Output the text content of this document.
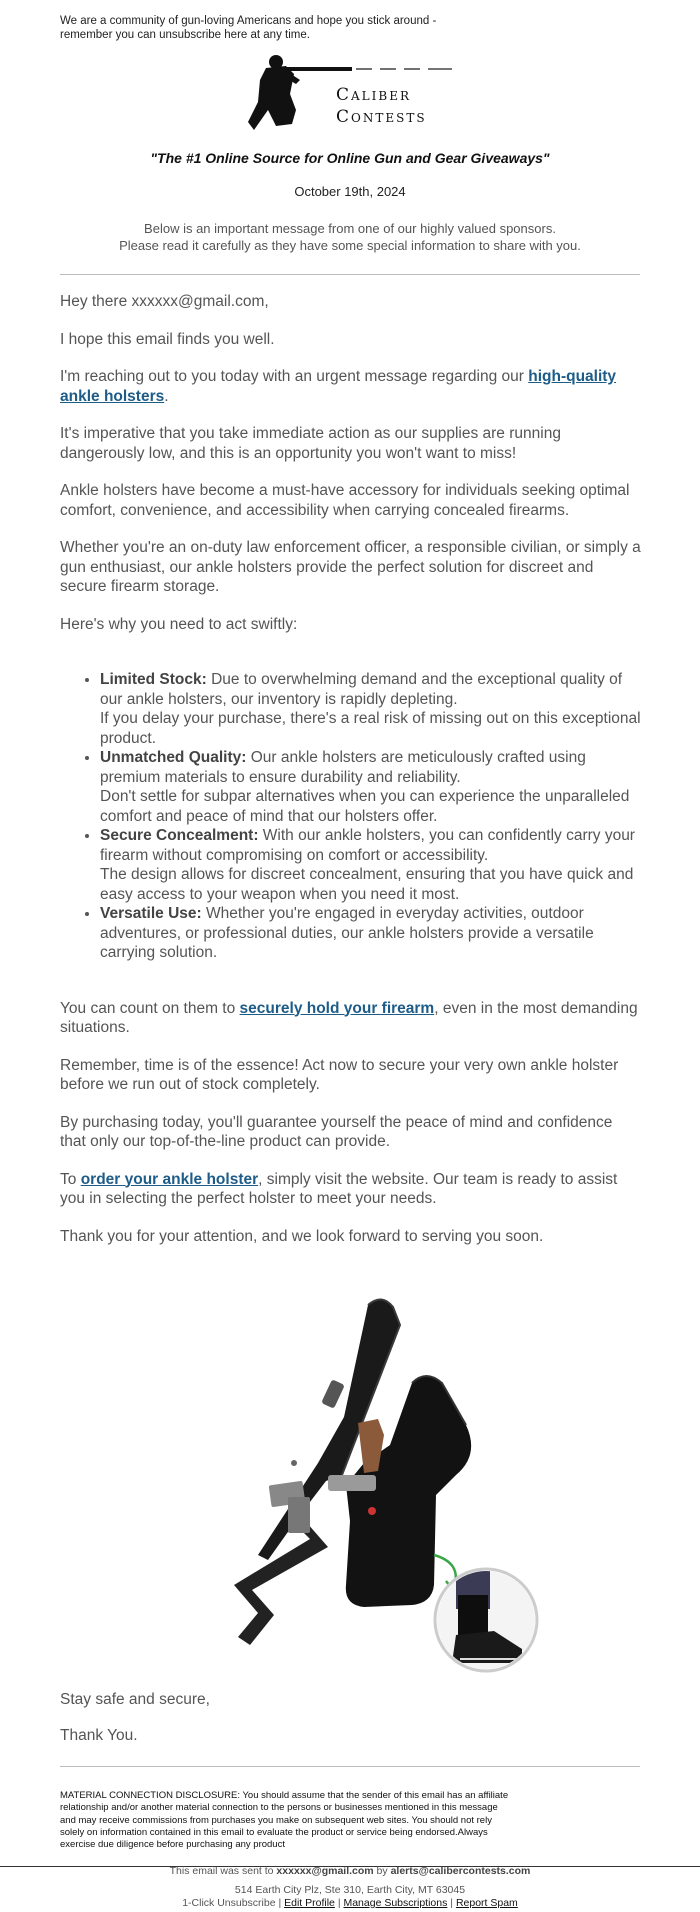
We are a community of gun-loving Americans and hope you stick around - remember you can unsubscribe here at any time.
Caliber
Contests
"The #1 Online Source for Online Gun and Gear Giveaways"
October 19th, 2024
Below is an important message from one of our highly valued sponsors.
Please read it carefully as they have some special information to share with you.

Hey there xxxxxx@gmail.com,

I hope this email finds you well.

I'm reaching out to you today with an urgent message regarding our high-quality ankle holsters.

It's imperative that you take immediate action as our supplies are running dangerously low, and this is an opportunity you won't want to miss!

Ankle holsters have become a must-have accessory for individuals seeking optimal comfort, convenience, and accessibility when carrying concealed firearms.

Whether you're an on-duty law enforcement officer, a responsible civilian, or simply a gun enthusiast, our ankle holsters provide the perfect solution for discreet and secure firearm storage.

Here's why you need to act swiftly:

• Limited Stock: Due to overwhelming demand and the exceptional quality of our ankle holsters, our inventory is rapidly depleting.
If you delay your purchase, there's a real risk of missing out on this exceptional product.
• Unmatched Quality: Our ankle holsters are meticulously crafted using premium materials to ensure durability and reliability.
Don't settle for subpar alternatives when you can experience the unparalleled comfort and peace of mind that our holsters offer.
• Secure Concealment: With our ankle holsters, you can confidently carry your firearm without compromising on comfort or accessibility.
The design allows for discreet concealment, ensuring that you have quick and easy access to your weapon when you need it most.
• Versatile Use: Whether you're engaged in everyday activities, outdoor adventures, or professional duties, our ankle holsters provide a versatile carrying solution.

You can count on them to securely hold your firearm, even in the most demanding situations.

Remember, time is of the essence! Act now to secure your very own ankle holster before we run out of stock completely.

By purchasing today, you'll guarantee yourself the peace of mind and confidence that only our top-of-the-line product can provide.

To order your ankle holster, simply visit the website. Our team is ready to assist you in selecting the perfect holster to meet your needs.

Thank you for your attention, and we look forward to serving you soon.

Stay safe and secure,

Thank You.

MATERIAL CONNECTION DISCLOSURE: You should assume that the sender of this email has an affiliate relationship and/or another material connection to the persons or businesses mentioned in this message and may receive commissions from purchases you make on subsequent web sites. You should not rely solely on information contained in this email to evaluate the product or service being endorsed.Always exercise due diligence before purchasing any product
This email was sent to xxxxxx@gmail.com by alerts@calibercontests.com
514 Earth City Plz, Ste 310, Earth City, MT 63045
1-Click Unsubscribe | Edit Profile | Manage Subscriptions | Report Spam
